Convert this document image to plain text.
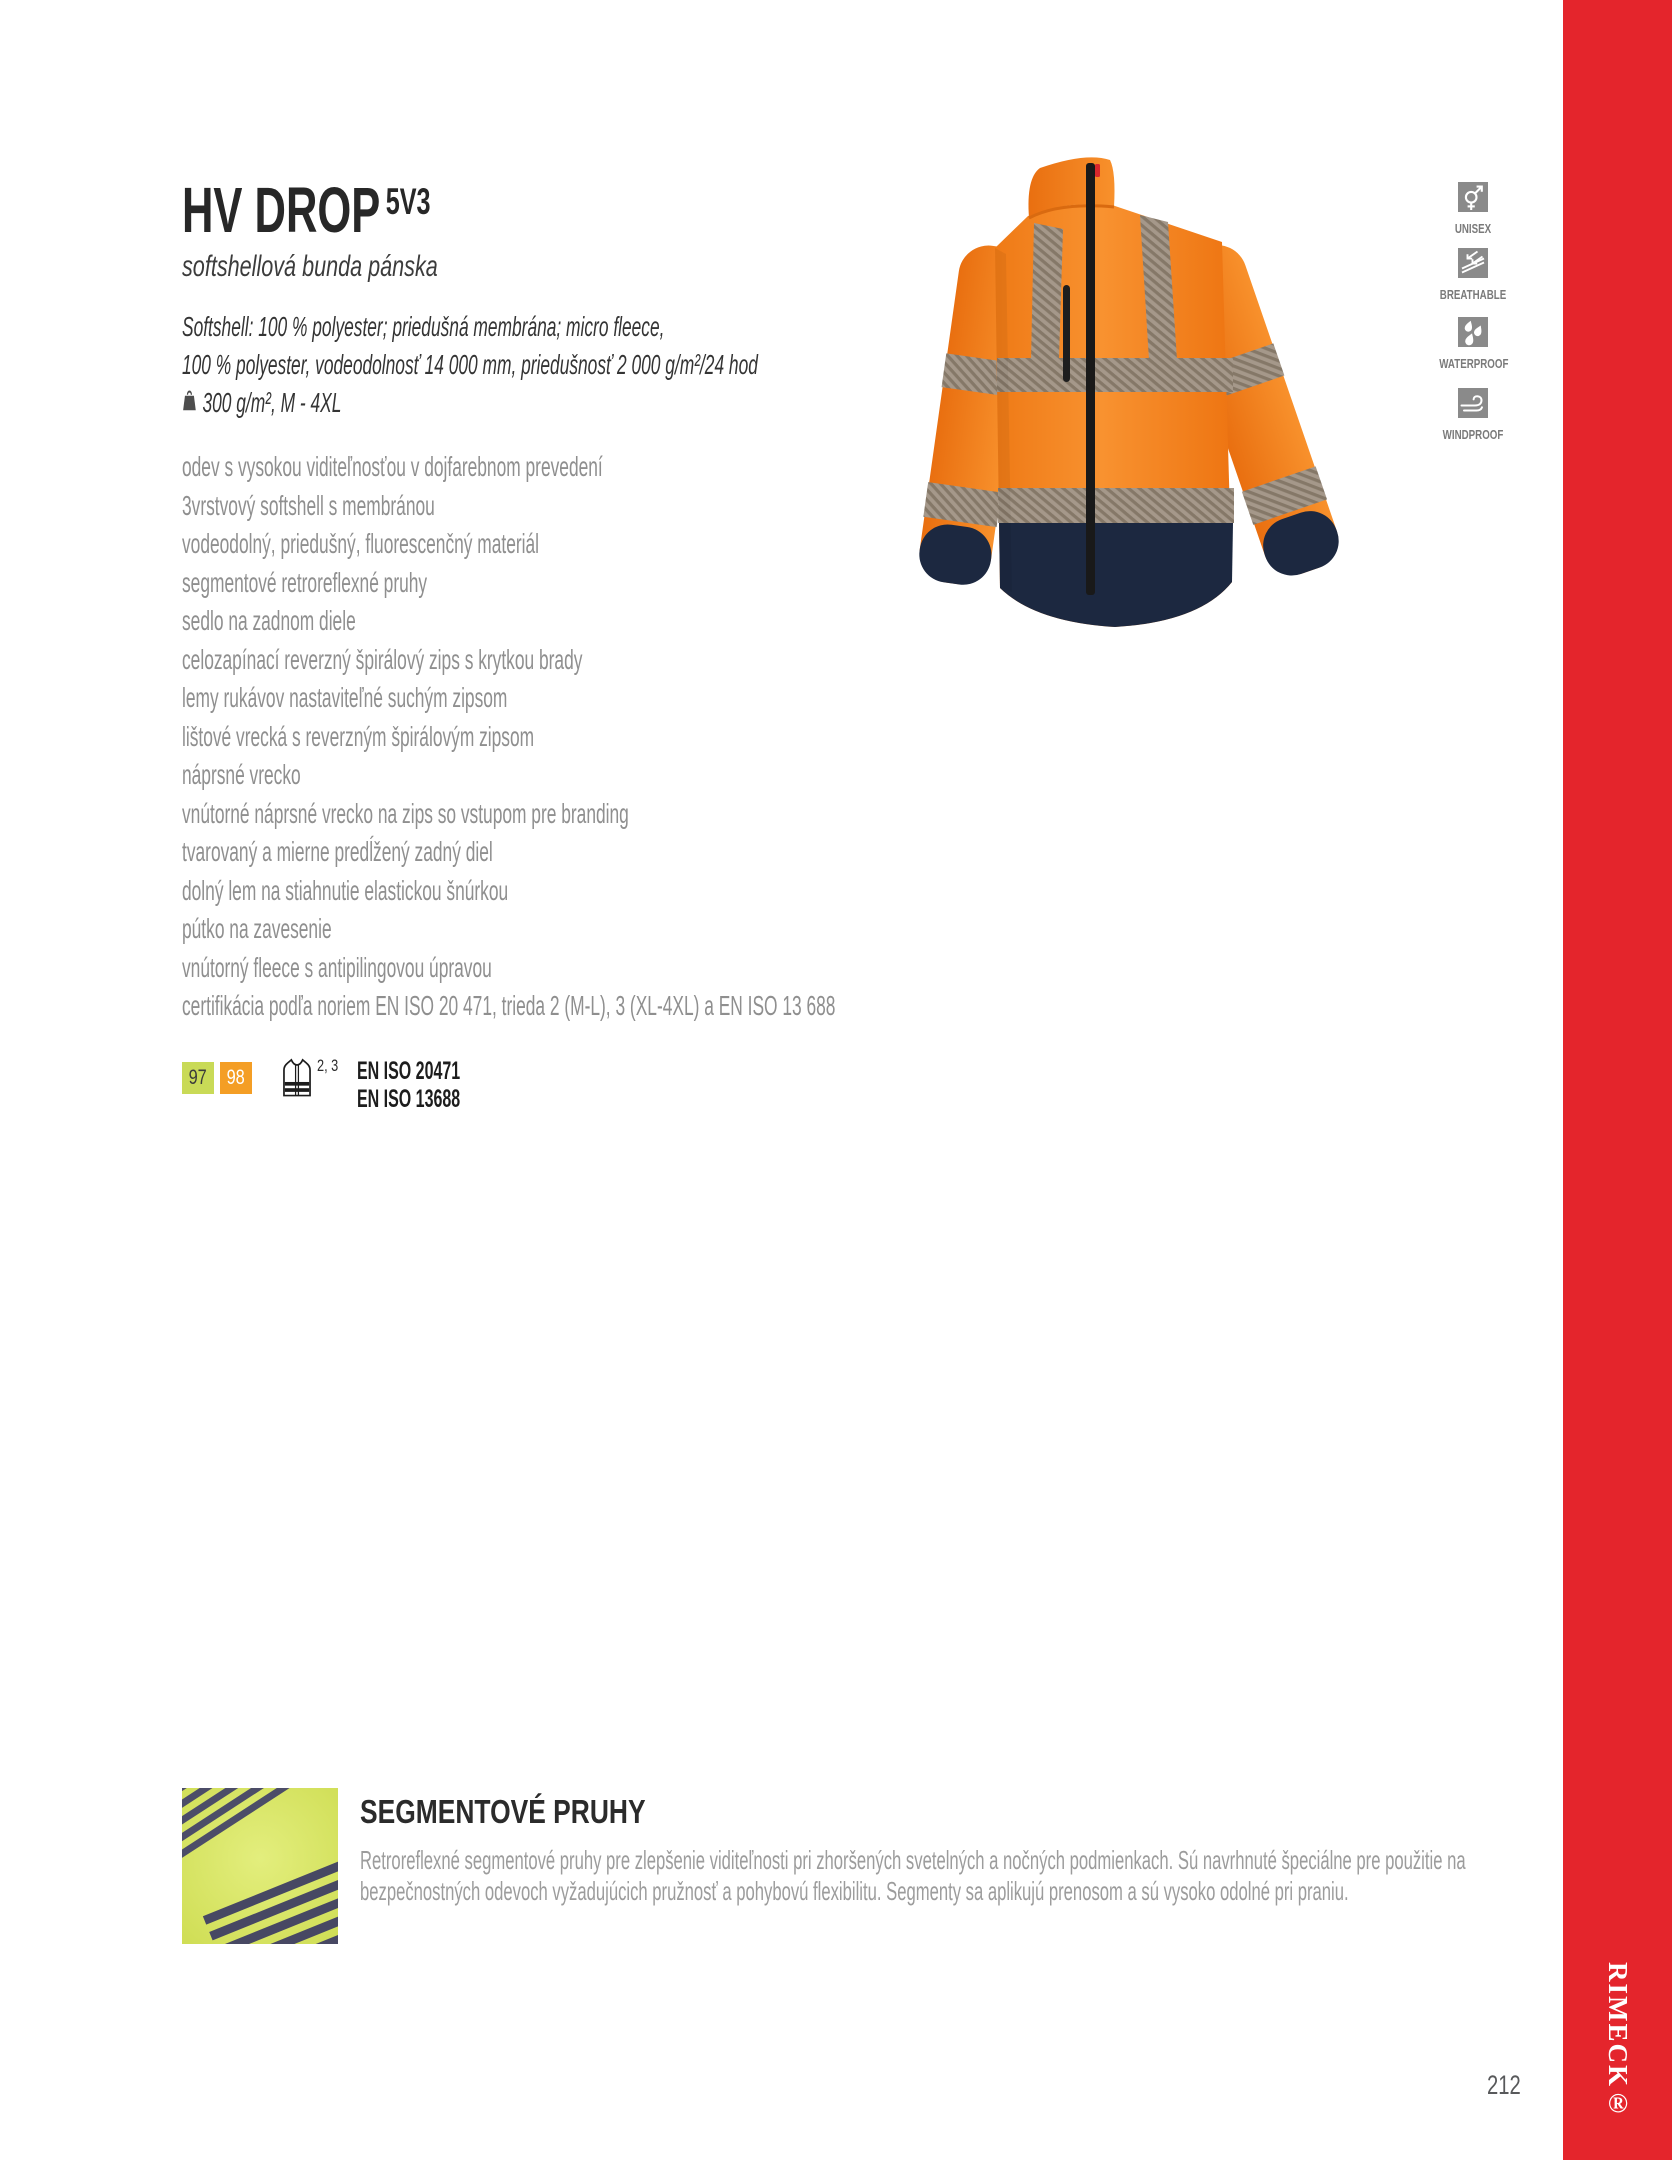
HV DROP $^{5V3}$
softshellová bunda pánska
Softshell: 100 % polyester; priedušná membrána; micro fleece,
100 % polyester, vodeodolnosť 14 000 mm, priedušnosť 2 000 g/m²/24 hod
300 g/m², M - 4XL
odev s vysokou viditeľnosťou v dojfarebnom prevedení
3vrstvový softshell s membránou
vodeodolný, priedušný, fluorescenčný materiál
segmentové retroreflexné pruhy
sedlo na zadnom diele
celozapínací reverzný špirálový zips s krytkou brady
lemy rukávov nastaviteľné suchým zipsom
lištové vrecká s reverzným špirálovým zipsom
náprsné vrecko
vnútorné náprsné vrecko na zips so vstupom pre branding
tvarovaný a mierne predĺžený zadný diel
dolný lem na stiahnutie elastickou šnúrkou
pútko na zavesenie
vnútorný fleece s antipilingovou úpravou
certifikácia podľa noriem EN ISO 20 471, trieda 2 (M-L), 3 (XL-4XL) a EN ISO 13 688
97 98
2, 3 EN ISO 20471
EN ISO 13688
UNISEX
BREATHABLE
WATERPROOF
WINDPROOF
SEGMENTOVÉ PRUHY
Retroreflexné segmentové pruhy pre zlepšenie viditeľnosti pri zhoršených svetelných a nočných podmienkach. Sú navrhnuté špeciálne pre použitie na bezpečnostných odevoch vyžadujúcich pružnosť a pohybovú flexibilitu. Segmenty sa aplikujú prenosom a sú vysoko odolné pri praniu.
RIMECK®
212
